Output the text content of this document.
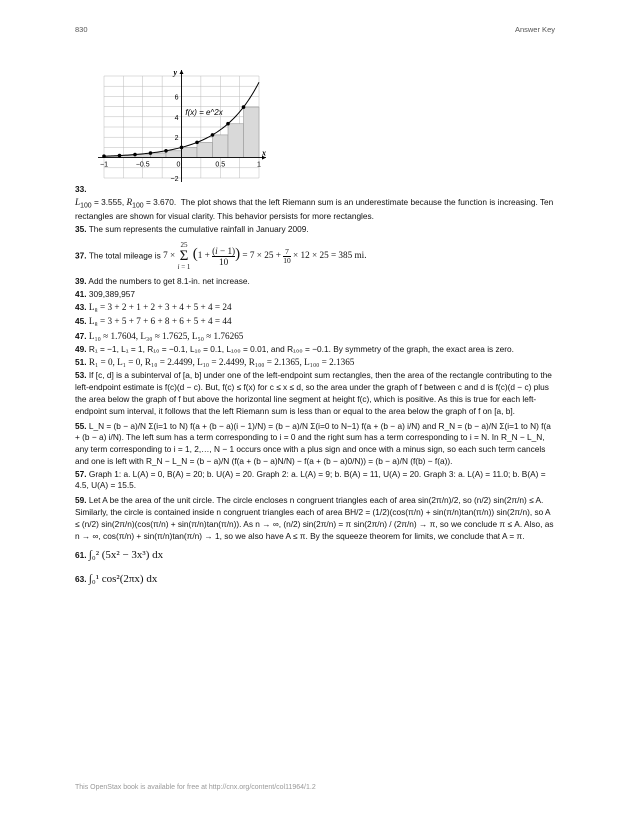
830	Answer Key
y
x
f(x) = e^2x
6
4
2
−2
−1	−0.5	0	0.5	1
33.
$L_{100} = 3.555$, $R_{100} = 3.670$.  The plot shows that the left Riemann sum is an underestimate because the function is increasing. Ten rectangles are shown for visual clarity. This behavior persists for more rectangles.
35. The sum represents the cumulative rainfall in January 2009.
37. The total mileage is 7 ×
25
Σ
i = 1
($1 + \frac{(i - 1)}{10}$ ) = $7 \times 25 + \frac{7}{10} \times 12 \times 25 = 385$ mi.
39. Add the numbers to get 8.1-in. net increase.
41. 309,389,957
43. L₈ = 3 + 2 + 1 + 2 + 3 + 4 + 5 + 4 = 24
45. L₈ = 3 + 5 + 7 + 6 + 8 + 6 + 5 + 4 = 44
47. L₁₀ ≈ 1.7604, L₃₀ ≈ 1.7625, L₅₀ ≈ 1.76265
49. R₁ = −1, L₁ = 1, R₁₀ = −0.1, L₁₀ = 0.1, L₁₀₀ = 0.01, and R₁₀₀ = −0.1. By symmetry of the graph, the exact area is zero.
51. R₁ = 0, L₁ = 0, R₁₀ = 2.4499, L₁₀ = 2.4499, R₁₀₀ = 2.1365, L₁₀₀ = 2.1365
53. If [c, d] is a subinterval of [a, b] under one of the left-endpoint sum rectangles, then the area of the rectangle contributing to the left-endpoint estimate is f(c)(d − c). But, f(c) ≤ f(x) for c ≤ x ≤ d, so the area under the graph of f between c and d is f(c)(d − c) plus the area below the graph of f but above the horizontal line segment at height f(c), which is positive. As this is true for each left-endpoint sum interval, it follows that the left Riemann sum is less than or equal to the area below the graph of f on [a, b].
55. L_N = (b − a)/N Σ(i=1 to N) f(a + (b − a)(i − 1)/N) = (b − a)/N Σ(i=0 to N−1) f(a + (b − a) i/N) and R_N = (b − a)/N Σ(i=1 to N) f(a + (b − a) i/N). The left sum has a term corresponding to i = 0 and the right sum has a term corresponding to i = N. In R_N − L_N, any term corresponding to i = 1, 2,…, N − 1 occurs once with a plus sign and once with a minus sign, so each such term cancels and one is left with R_N − L_N = (b − a)/N (f(a + (b − a)N/N) − f(a + (b − a)0/N)) = (b − a)/N (f(b) − f(a)).
57. Graph 1: a. L(A) = 0, B(A) = 20; b. U(A) = 20. Graph 2: a. L(A) = 9; b. B(A) = 11, U(A) = 20. Graph 3: a. L(A) = 11.0; b. B(A) = 4.5, U(A) = 15.5.
59. Let A be the area of the unit circle. The circle encloses n congruent triangles each of area sin(2π/n)/2, so (n/2) sin(2π/n) ≤ A. Similarly, the circle is contained inside n congruent triangles each of area BH/2 = (1/2)(cos(π/n) + sin(π/n)tan(π/n)) sin(2π/n), so A ≤ (n/2) sin(2π/n)(cos(π/n) + sin(π/n)tan(π/n)). As n → ∞, (n/2) sin(2π/n) = π sin(2π/n) / (2π/n) → π, so we conclude π ≤ A. Also, as n → ∞, cos(π/n) + sin(π/n)tan(π/n) → 1, so we also have A ≤ π. By the squeeze theorem for limits, we conclude that A = π.
61. ∫₀² (5x² − 3x³) dx
63. ∫₀¹ cos²(2πx) dx
This OpenStax book is available for free at http://cnx.org/content/col11964/1.2
